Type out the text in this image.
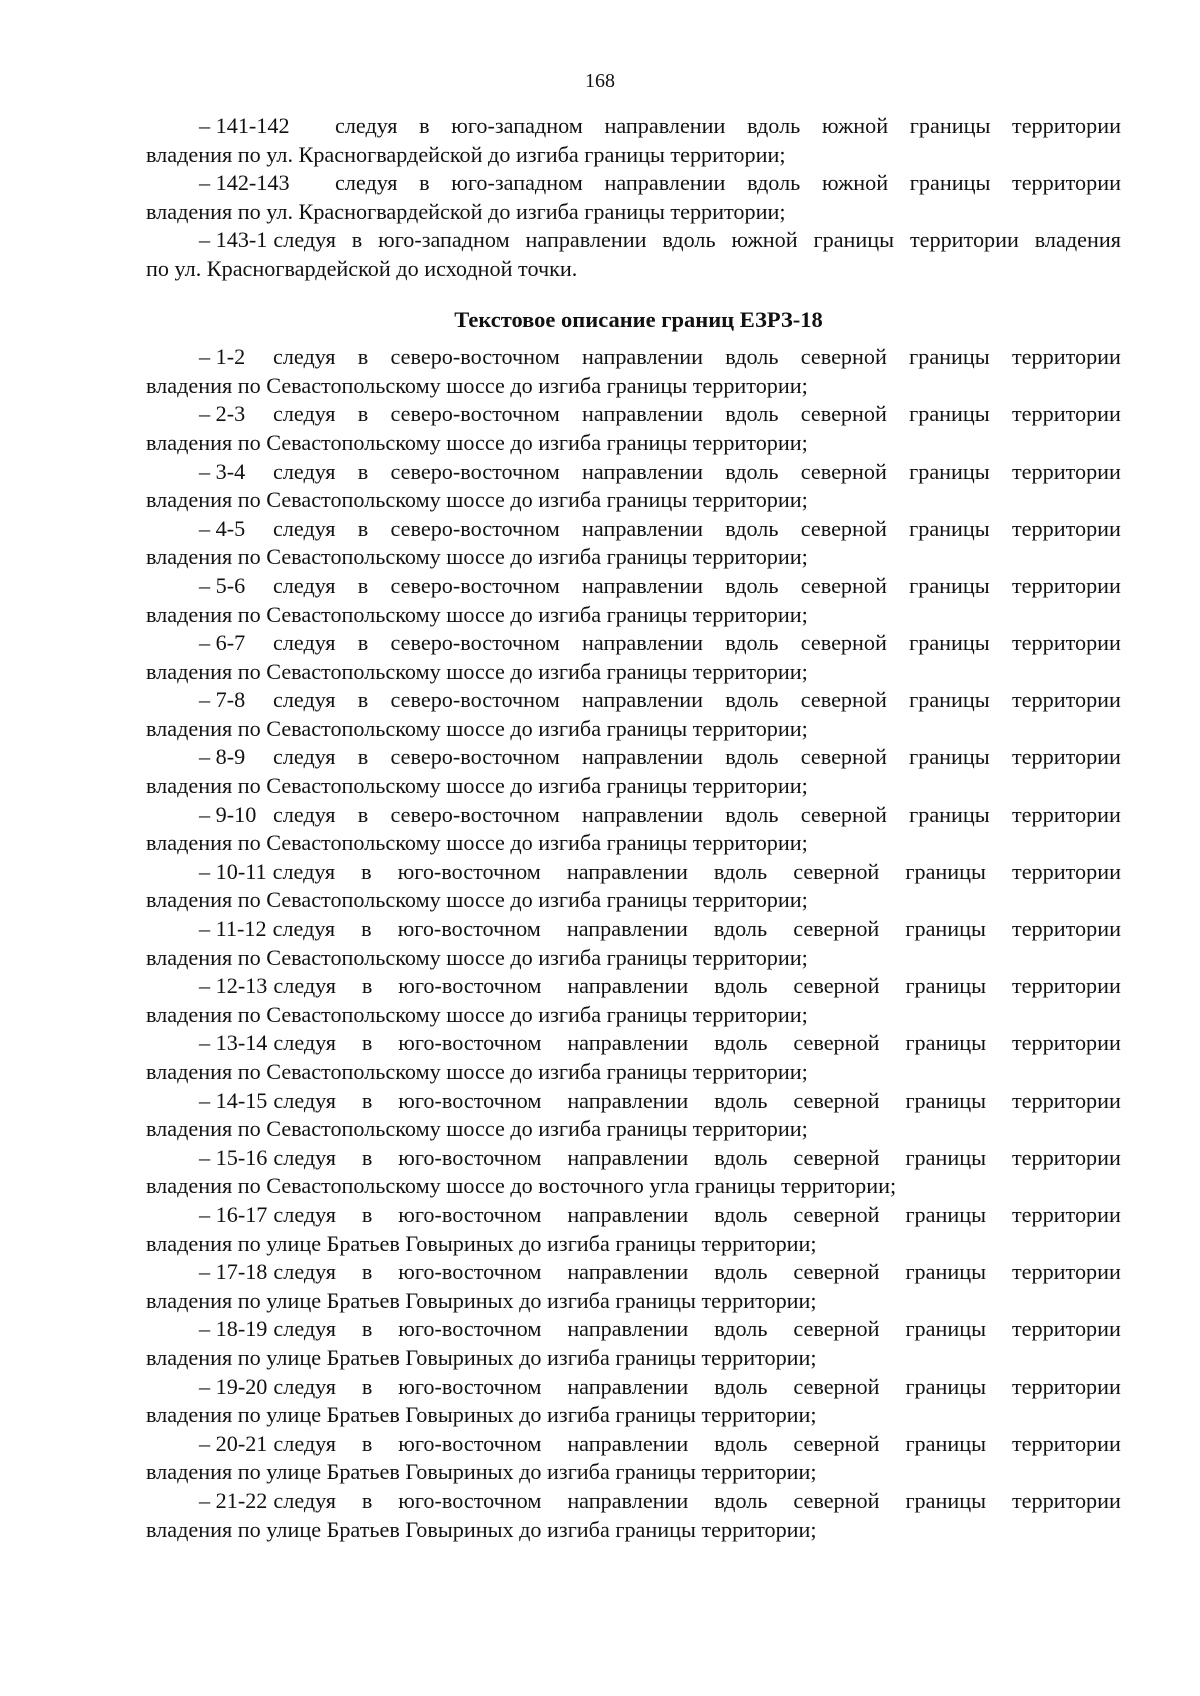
168
– 141-142 следуя в юго-западном направлении вдоль южной границы территории
владения по ул. Красногвардейской до изгиба границы территории;
– 142-143 следуя в юго-западном направлении вдоль южной границы территории
владения по ул. Красногвардейской до изгиба границы территории;
– 143-1 следуя в юго-западном направлении вдоль южной границы территории владения
по ул. Красногвардейской до исходной точки.
Текстовое описание границ ЕЗРЗ-18
– 1-2 следуя в северо-восточном направлении вдоль северной границы территории
владения по Севастопольскому шоссе до изгиба границы территории;
– 2-3 следуя в северо-восточном направлении вдоль северной границы территории
владения по Севастопольскому шоссе до изгиба границы территории;
– 3-4 следуя в северо-восточном направлении вдоль северной границы территории
владения по Севастопольскому шоссе до изгиба границы территории;
– 4-5 следуя в северо-восточном направлении вдоль северной границы территории
владения по Севастопольскому шоссе до изгиба границы территории;
– 5-6 следуя в северо-восточном направлении вдоль северной границы территории
владения по Севастопольскому шоссе до изгиба границы территории;
– 6-7 следуя в северо-восточном направлении вдоль северной границы территории
владения по Севастопольскому шоссе до изгиба границы территории;
– 7-8 следуя в северо-восточном направлении вдоль северной границы территории
владения по Севастопольскому шоссе до изгиба границы территории;
– 8-9 следуя в северо-восточном направлении вдоль северной границы территории
владения по Севастопольскому шоссе до изгиба границы территории;
– 9-10 следуя в северо-восточном направлении вдоль северной границы территории
владения по Севастопольскому шоссе до изгиба границы территории;
– 10-11 следуя в юго-восточном направлении вдоль северной границы территории
владения по Севастопольскому шоссе до изгиба границы территории;
– 11-12 следуя в юго-восточном направлении вдоль северной границы территории
владения по Севастопольскому шоссе до изгиба границы территории;
– 12-13 следуя в юго-восточном направлении вдоль северной границы территории
владения по Севастопольскому шоссе до изгиба границы территории;
– 13-14 следуя в юго-восточном направлении вдоль северной границы территории
владения по Севастопольскому шоссе до изгиба границы территории;
– 14-15 следуя в юго-восточном направлении вдоль северной границы территории
владения по Севастопольскому шоссе до изгиба границы территории;
– 15-16 следуя в юго-восточном направлении вдоль северной границы территории
владения по Севастопольскому шоссе до восточного угла границы территории;
– 16-17 следуя в юго-восточном направлении вдоль северной границы территории
владения по улице Братьев Говыриных до изгиба границы территории;
– 17-18 следуя в юго-восточном направлении вдоль северной границы территории
владения по улице Братьев Говыриных до изгиба границы территории;
– 18-19 следуя в юго-восточном направлении вдоль северной границы территории
владения по улице Братьев Говыриных до изгиба границы территории;
– 19-20 следуя в юго-восточном направлении вдоль северной границы территории
владения по улице Братьев Говыриных до изгиба границы территории;
– 20-21 следуя в юго-восточном направлении вдоль северной границы территории
владения по улице Братьев Говыриных до изгиба границы территории;
– 21-22 следуя в юго-восточном направлении вдоль северной границы территории
владения по улице Братьев Говыриных до изгиба границы территории;
